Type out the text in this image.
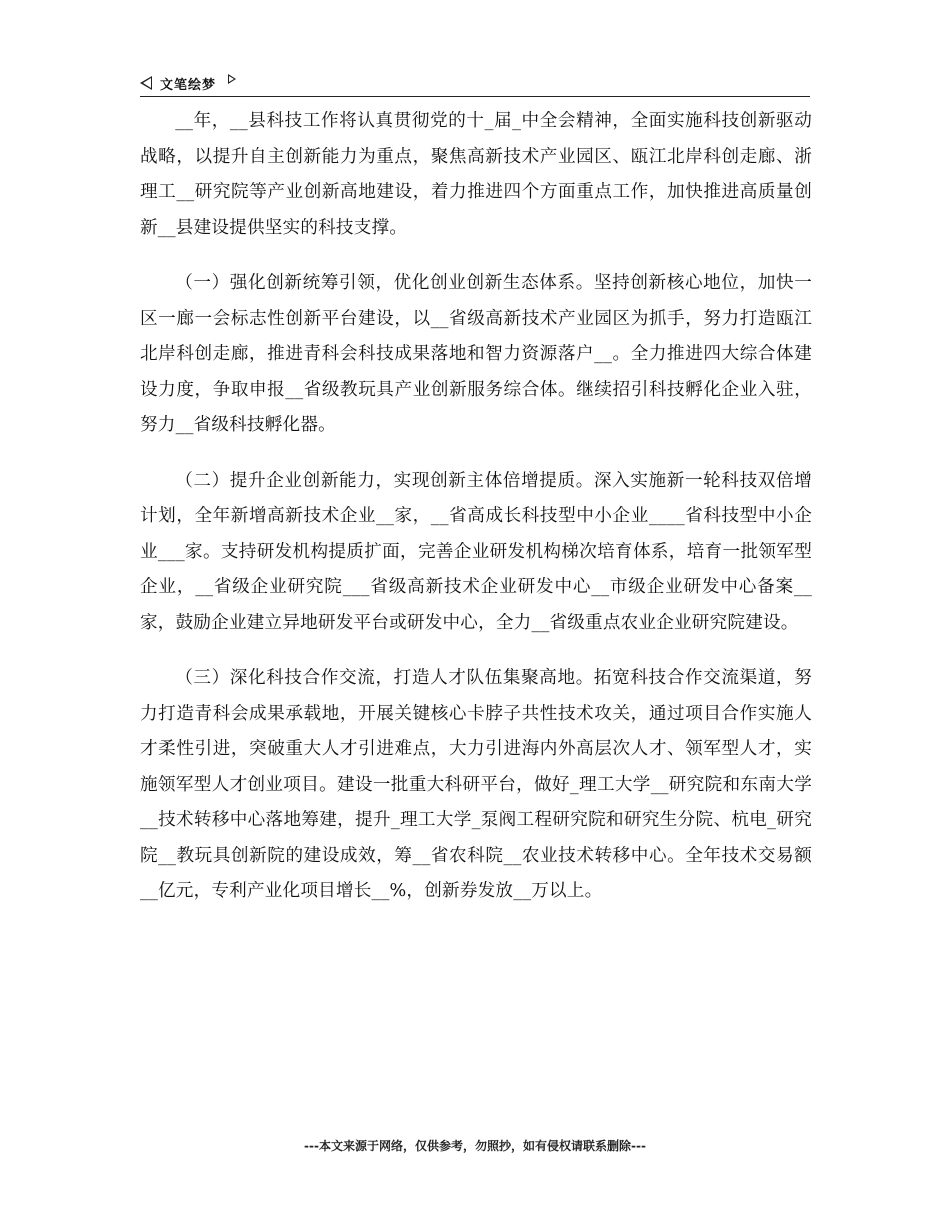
文笔绘梦

__年，__县科技工作将认真贯彻党的十_届_中全会精神，全面实施科技创新驱动战略，以提升自主创新能力为重点，聚焦高新技术产业园区、瓯江北岸科创走廊、浙理工__研究院等产业创新高地建设，着力推进四个方面重点工作，加快推进高质量创新__县建设提供坚实的科技支撑。

（一）强化创新统筹引领，优化创业创新生态体系。坚持创新核心地位，加快一区一廊一会标志性创新平台建设，以__省级高新技术产业园区为抓手，努力打造瓯江北岸科创走廊，推进青科会科技成果落地和智力资源落户__。全力推进四大综合体建设力度，争取申报__省级教玩具产业创新服务综合体。继续招引科技孵化企业入驻，努力__省级科技孵化器。

（二）提升企业创新能力，实现创新主体倍增提质。深入实施新一轮科技双倍增计划，全年新增高新技术企业__家，__省高成长科技型中小企业____省科技型中小企业___家。支持研发机构提质扩面，完善企业研发机构梯次培育体系，培育一批领军型企业，__省级企业研究院___省级高新技术企业研发中心__市级企业研发中心备案__家，鼓励企业建立异地研发平台或研发中心，全力__省级重点农业企业研究院建设。

（三）深化科技合作交流，打造人才队伍集聚高地。拓宽科技合作交流渠道，努力打造青科会成果承载地，开展关键核心卡脖子共性技术攻关，通过项目合作实施人才柔性引进，突破重大人才引进难点，大力引进海内外高层次人才、领军型人才，实施领军型人才创业项目。建设一批重大科研平台，做好_理工大学__研究院和东南大学__技术转移中心落地筹建，提升_理工大学_泵阀工程研究院和研究生分院、杭电_研究院__教玩具创新院的建设成效，筹__省农科院__农业技术转移中心。全年技术交易额__亿元，专利产业化项目增长__%，创新券发放__万以上。

---本文来源于网络，仅供参考，勿照抄，如有侵权请联系删除---
